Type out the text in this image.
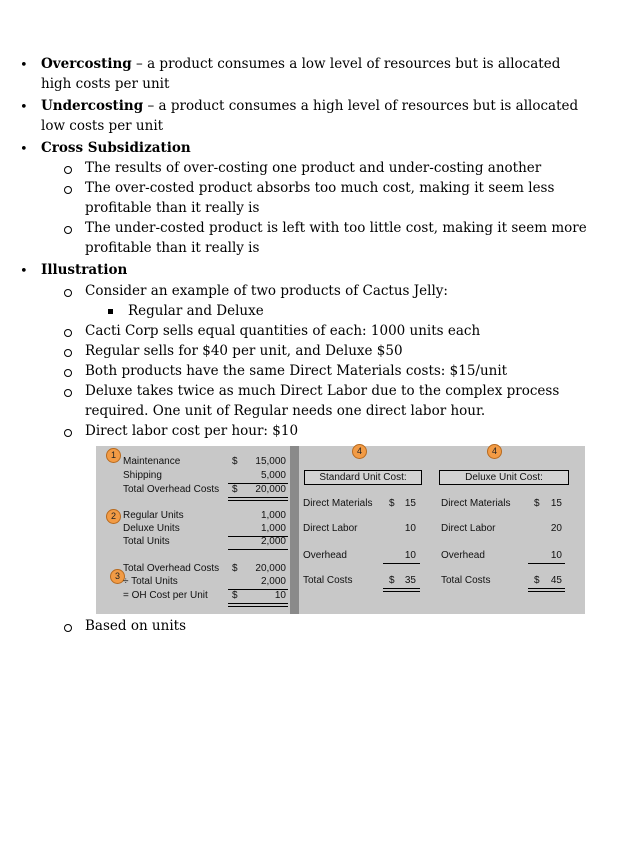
• Overcosting – a product consumes a low level of resources but is allocated
high costs per unit
• Undercosting – a product consumes a high level of resources but is allocated
low costs per unit
• Cross Subsidization
The results of over-costing one product and under-costing another
The over-costed product absorbs too much cost, making it seem less
profitable than it really is
The under-costed product is left with too little cost, making it seem more
profitable than it really is
• Illustration
Consider an example of two products of Cactus Jelly:
Regular and Deluxe
Cacti Corp sells equal quantities of each: 1000 units each
Regular sells for $40 per unit, and Deluxe $50
Both products have the same Direct Materials costs: $15/unit
Deluxe takes twice as much Direct Labor due to the complex process
required. One unit of Regular needs one direct labor hour.
Direct labor cost per hour: $10
Based on units
1
2
3
4	4
Maintenance	$	15,000
Shipping	5,000
Total Overhead Costs $	20,000
Regular Units	1,000
Deluxe Units	1,000
Total Units	2,000
Total Overhead Costs $	20,000
÷ Total Units	2,000
= OH Cost per Unit $	10
Standard Unit Cost:
Direct Materials $	15
Direct Labor	10
Overhead	10
Total Costs	$	35
Deluxe Unit Cost:
Direct Materials $	15
Direct Labor	20
Overhead	10
Total Costs	$	45
